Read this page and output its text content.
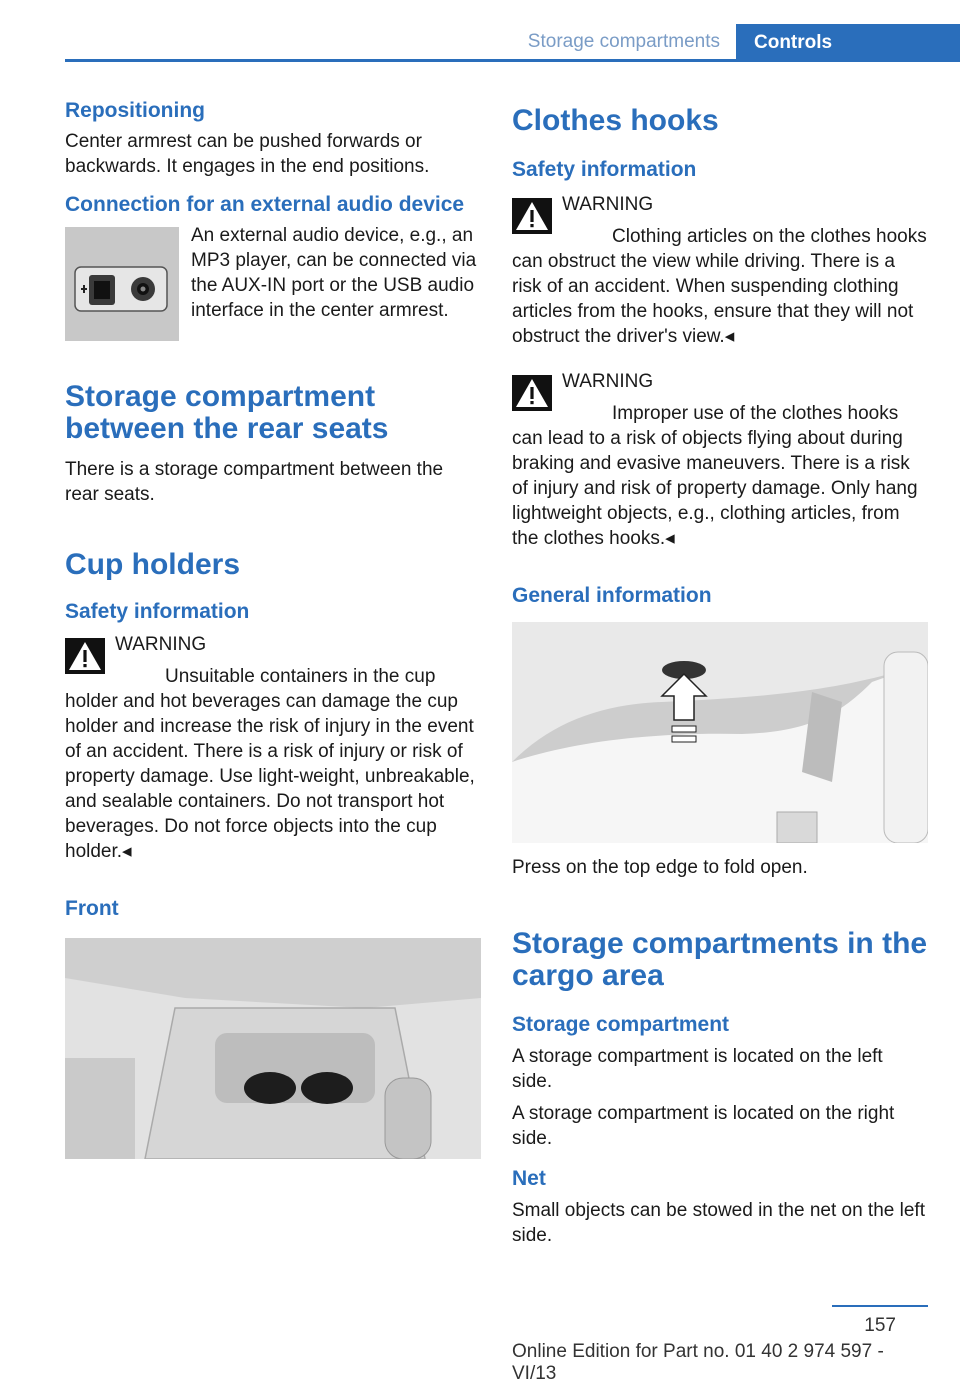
Storage compartments	Controls

Repositioning

Center armrest can be pushed forwards or backwards. It engages in the end positions.

Connection for an external audio device

An external audio device, e.g., an MP3 player, can be connected via the AUX-IN port or the USB audio interface in the center armrest.

Storage compartment between the rear seats

There is a storage compartment between the rear seats.

Cup holders

Safety information

WARNING

Unsuitable containers in the cup holder and hot beverages can damage the cup holder and increase the risk of injury in the event of an accident. There is a risk of injury or risk of property damage. Use light-weight, unbreakable, and sealable containers. Do not transport hot beverages. Do not force objects into the cup holder.◂

Front

Clothes hooks

Safety information

WARNING

Clothing articles on the clothes hooks can obstruct the view while driving. There is a risk of an accident. When suspending clothing articles from the hooks, ensure that they will not obstruct the driver's view.◂

WARNING

Improper use of the clothes hooks can lead to a risk of objects flying about during braking and evasive maneuvers. There is a risk of injury and risk of property damage. Only hang lightweight objects, e.g., clothing articles, from the clothes hooks.◂

General information

Press on the top edge to fold open.

Storage compartments in the cargo area

Storage compartment

A storage compartment is located on the left side.

A storage compartment is located on the right side.

Net

Small objects can be stowed in the net on the left side.

157
Online Edition for Part no. 01 40 2 974 597 - VI/13
